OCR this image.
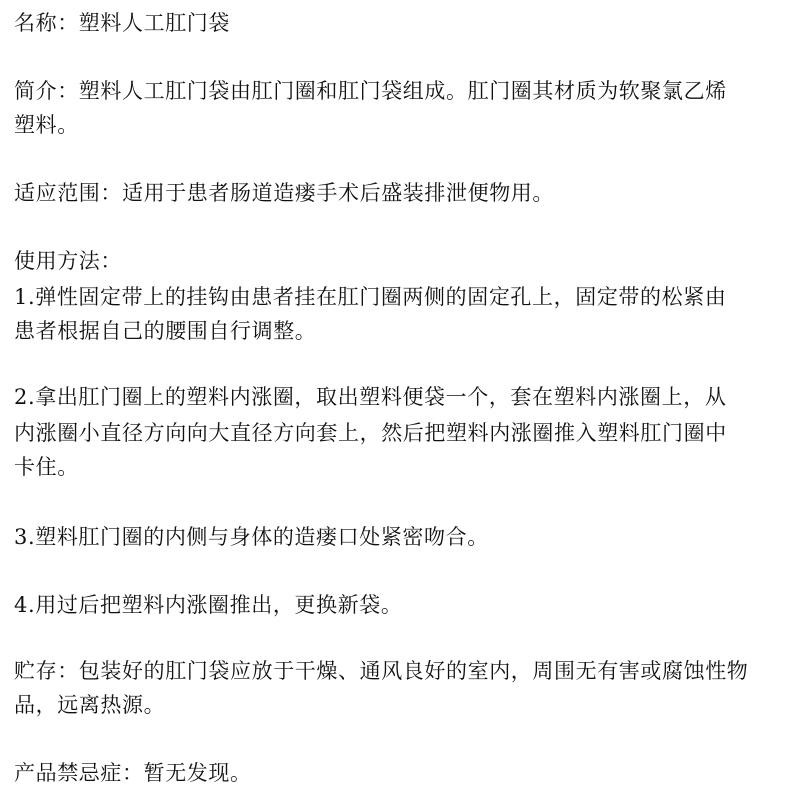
名称：塑料人工肛门袋
简介：塑料人工肛门袋由肛门圈和肛门袋组成。肛门圈其材质为软聚氯乙烯
塑料。
适应范围：适用于患者肠道造瘘手术后盛装排泄便物用。
使用方法：
1.弹性固定带上的挂钩由患者挂在肛门圈两侧的固定孔上，固定带的松紧由
患者根据自己的腰围自行调整。
2.拿出肛门圈上的塑料内涨圈，取出塑料便袋一个，套在塑料内涨圈上，从
内涨圈小直径方向向大直径方向套上，然后把塑料内涨圈推入塑料肛门圈中
卡住。
3.塑料肛门圈的内侧与身体的造瘘口处紧密吻合。
4.用过后把塑料内涨圈推出，更换新袋。
贮存：包装好的肛门袋应放于干燥、通风良好的室内，周围无有害或腐蚀性物
品，远离热源。
产品禁忌症：暂无发现。
